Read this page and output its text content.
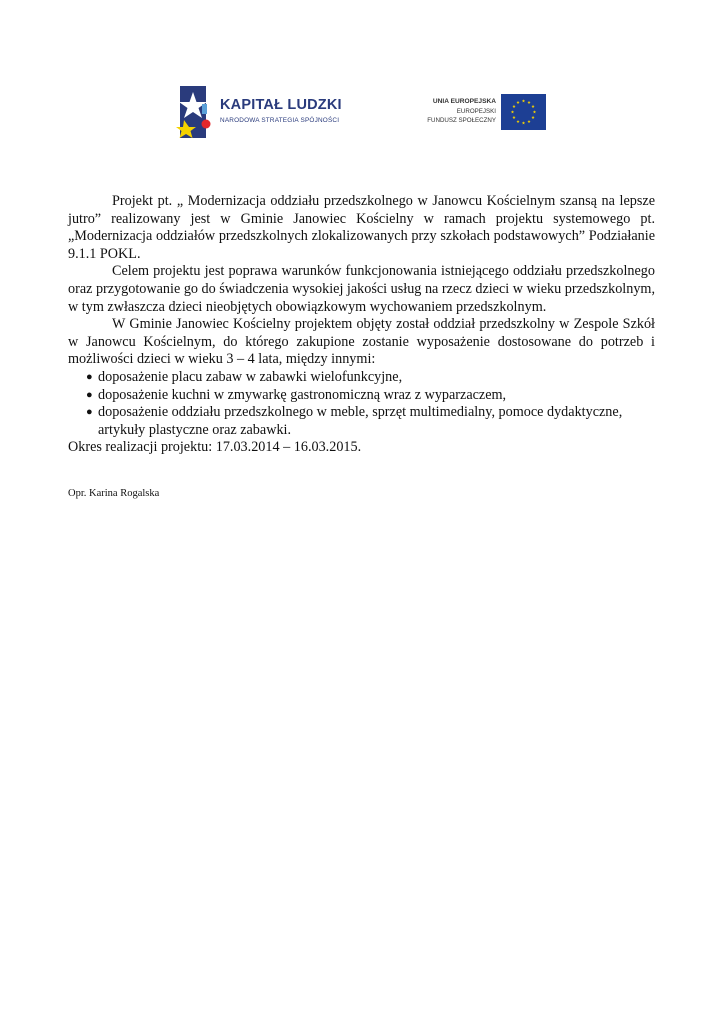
KAPITAŁ LUDZKI
NARODOWA STRATEGIA SPÓJNOŚCI
UNIA EUROPEJSKA
EUROPEJSKI
FUNDUSZ SPOŁECZNY

Projekt pt. „ Modernizacja oddziału przedszkolnego w Janowcu Kościelnym szansą na lepsze jutro” realizowany jest w Gminie Janowiec Kościelny w ramach projektu systemowego pt. „Modernizacja oddziałów przedszkolnych zlokalizowanych przy szkołach podstawowych” Podziałanie 9.1.1 POKL.

Celem projektu jest poprawa warunków funkcjonowania istniejącego oddziału przedszkolnego oraz przygotowanie go do świadczenia wysokiej jakości usług na rzecz dzieci w wieku przedszkolnym, w tym zwłaszcza dzieci nieobjętych obowiązkowym wychowaniem przedszkolnym.

W Gminie Janowiec Kościelny projektem objęty został oddział przedszkolny w Zespole Szkół w Janowcu Kościelnym, do którego zakupione zostanie wyposażenie dostosowane do potrzeb i możliwości dzieci w wieku 3 – 4 lata, między innymi:

● doposażenie placu zabaw w zabawki wielofunkcyjne,
● doposażenie kuchni w zmywarkę gastronomiczną wraz z wyparzaczem,
● doposażenie oddziału przedszkolnego w meble, sprzęt multimedialny, pomoce dydaktyczne, artykuły plastyczne oraz zabawki.

Okres realizacji projektu: 17.03.2014 – 16.03.2015.

Opr. Karina Rogalska
